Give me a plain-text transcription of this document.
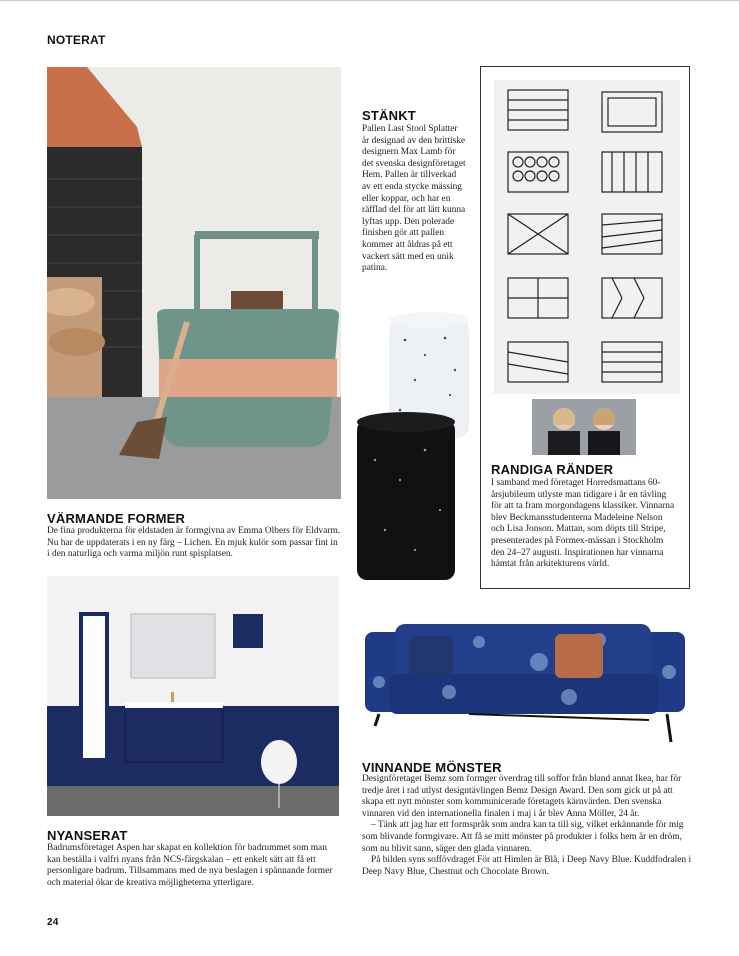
NOTERAT
VÄRMANDE FORMER
De fina produkterna för eldstaden är formgivna av Emma Olbers för Eldvarm. Nu har de uppdaterats i en ny färg – Lichen. En mjuk kulör som passar fint in i den naturliga och varma miljön runt spisplatsen.
STÄNKT
Pallen Last Stool Splatter är designad av den brittiske designern Max Lamb för det svenska designföretaget Hem. Pallen är tillverkad av ett enda stycke mässing eller koppar, och har en räfflad del för att lätt kunna lyftas upp. Den polerade finishen gör att pallen kommer att åldras på ett vackert sätt med en unik patina.
RANDIGA RÄNDER
I samband med företaget Horredsmattans 60-årsjubileum utlyste man tidigare i år en tävling för att ta fram morgondagens klassiker. Vinnarna blev Beckmansstudenterna Madeleine Nelson och Lisa Jonson. Mattan, som döpts till Stripe, presenterades på Formex-mässan i Stockholm den 24–27 augusti. Inspirationen har vinnarna hämtat från arkitekturens värld.
NYANSERAT
Badrumsföretaget Aspen har skapat en kollektion för badrummet som man kan beställa i valfri nyans från NCS-färgskalan – ett enkelt sätt att få ett personligare badrum. Tillsammans med de nya beslagen i spännande former och material ökar de kreativa möjligheterna ytterligare.
VINNANDE MÖNSTER
Designföretaget Bemz som formger överdrag till soffor från bland annat Ikea, har för tredje året i rad utlyst designtävlingen Bemz Design Award. Den som gick ut på att skapa ett nytt mönster som kommunicerade företagets kärnvärden. Den svenska vinnaren vid den internationella finalen i maj i år blev Anna Möller, 24 år.
– Tänk att jag har ett formspråk som andra kan ta till sig, vilket erkännande för mig som blivande formgivare. Att få se mitt mönster på produkter i folks hem är en dröm, som nu blivit sann, säger den glada vinnaren.
På bilden syns soffövdraget För att Himlen är Blå, i Deep Navy Blue. Kuddfodralen i Deep Navy Blue, Chestnut och Chocolate Brown.
24
